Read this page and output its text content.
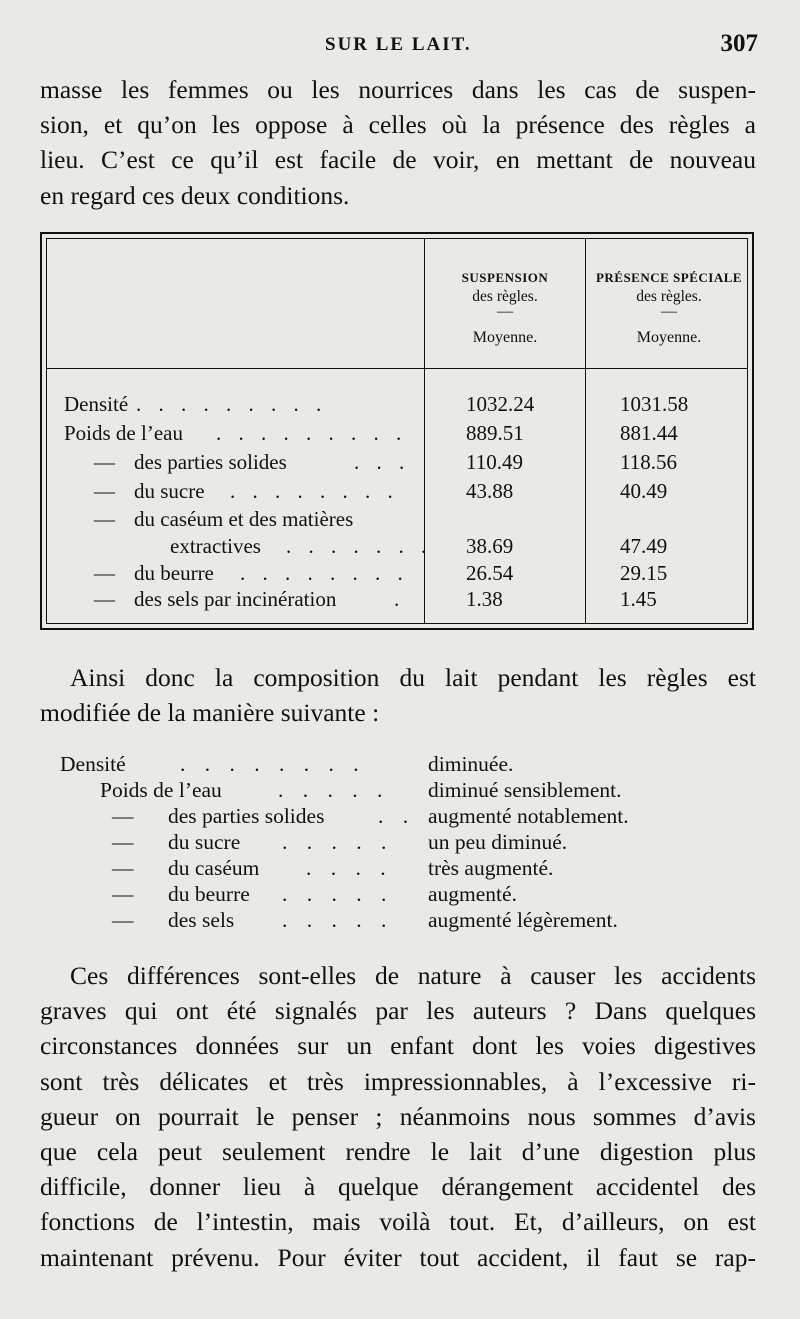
SUR LE LAIT.	307

masse les femmes ou les nourrices dans les cas de suspen-
sion, et qu’on les oppose à celles où la présence des règles a
lieu. C’est ce qu’il est facile de voir, en mettant de nouveau
en regard ces deux conditions.

SUSPENSION
des règles.
—
Moyenne.
PRÉSENCE SPÉCIALE
des règles.
—
Moyenne.
Densité . . . . . . . . .	1032.24	1031.58
Poids de l’eau . . . . . . . . .	889.51	881.44
— des parties solides	. . .	110.49	118.56
— du sucre . . . . . . . .	43.88	40.49
— du caséum et des matières
extractives . . . . . . . 38.69	47.49
— du beurre . . . . . . . .	26.54	29.15
— des sels par incinération	.	1.38	1.45

Ainsi donc la composition du lait pendant les règles est
modifiée de la manière suivante :

Densité	. . . . . . . .	diminuée.
Poids de l’eau	. . . . . diminué sensiblement.
— des parties solides . . augmenté notablement.
— du sucre . . . . . un peu diminué.
— du caséum . . . . très augmenté.
— du beurre . . . . . augmenté.
— des sels . . . . . augmenté légèrement.

Ces différences sont-elles de nature à causer les accidents
graves qui ont été signalés par les auteurs ? Dans quelques
circonstances données sur un enfant dont les voies digestives
sont très délicates et très impressionnables, à l’excessive ri-
gueur on pourrait le penser ; néanmoins nous sommes d’avis
que cela peut seulement rendre le lait d’une digestion plus
difficile, donner lieu à quelque dérangement accidentel des
fonctions de l’intestin, mais voilà tout. Et, d’ailleurs, on est
maintenant prévenu. Pour éviter tout accident, il faut se rap-
